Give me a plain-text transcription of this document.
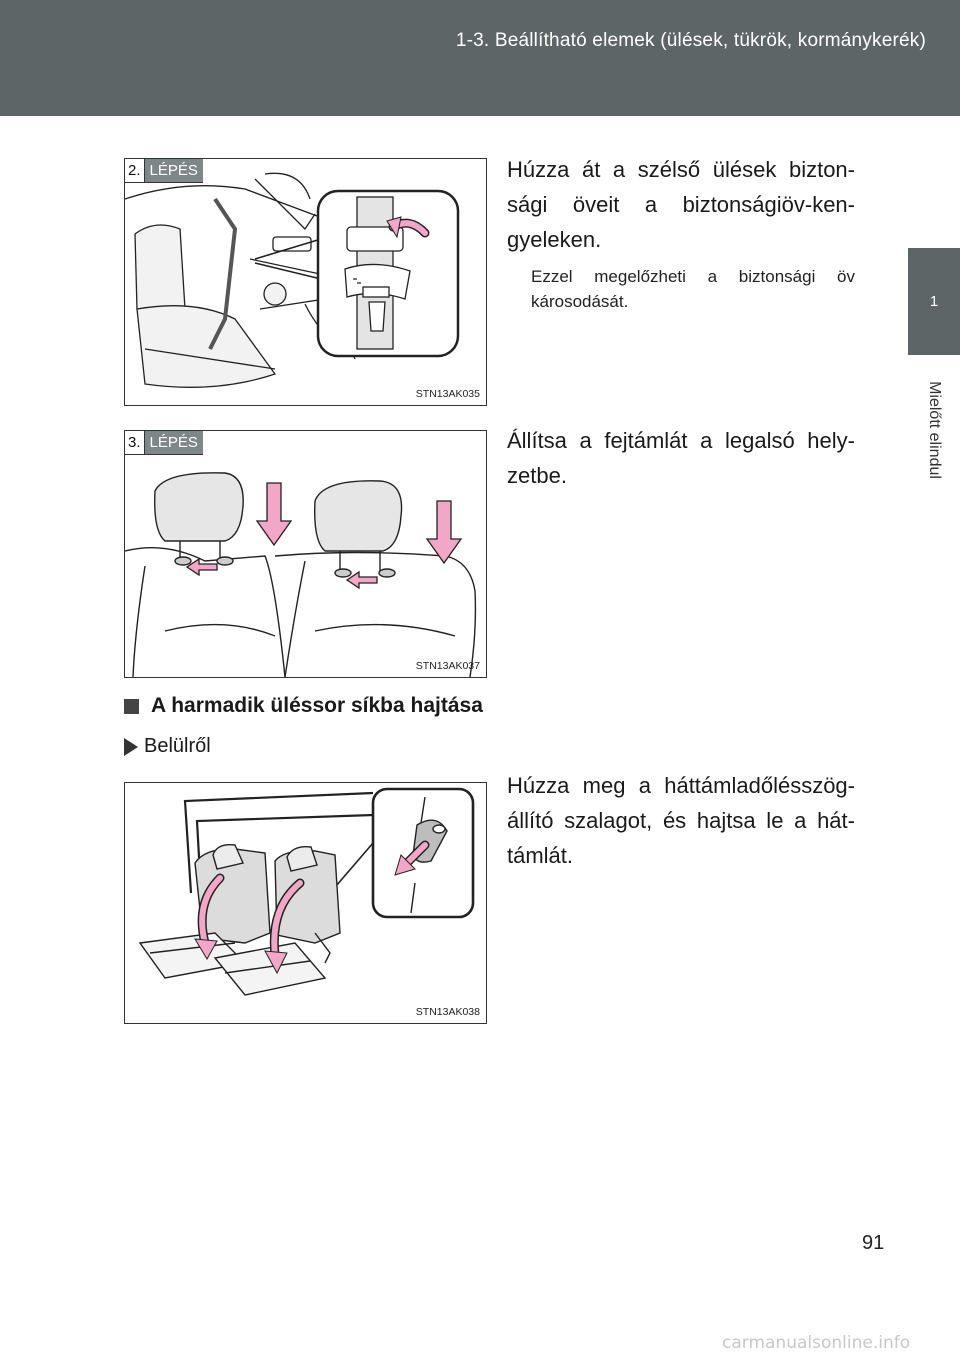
1-3. Beállítható elemek (ülések, tükrök, kormánykerék)
1
Mielőtt elindul
2. LÉPÉS
STN13AK035
Húzza át a szélső ülések bizton-sági öveit a biztonságiöv-ken-gyeleken.
Ezzel megelőzheti a biztonsági öv károsodását.
3. LÉPÉS
STN13AK037
Állítsa a fejtámlát a legalsó hely-zetbe.
A harmadik üléssor síkba hajtása
Belülről
STN13AK038
Húzza meg a háttámladőlésszög-állító szalagot, és hajtsa le a hát-támlát.
91
carmanualsonline.info
